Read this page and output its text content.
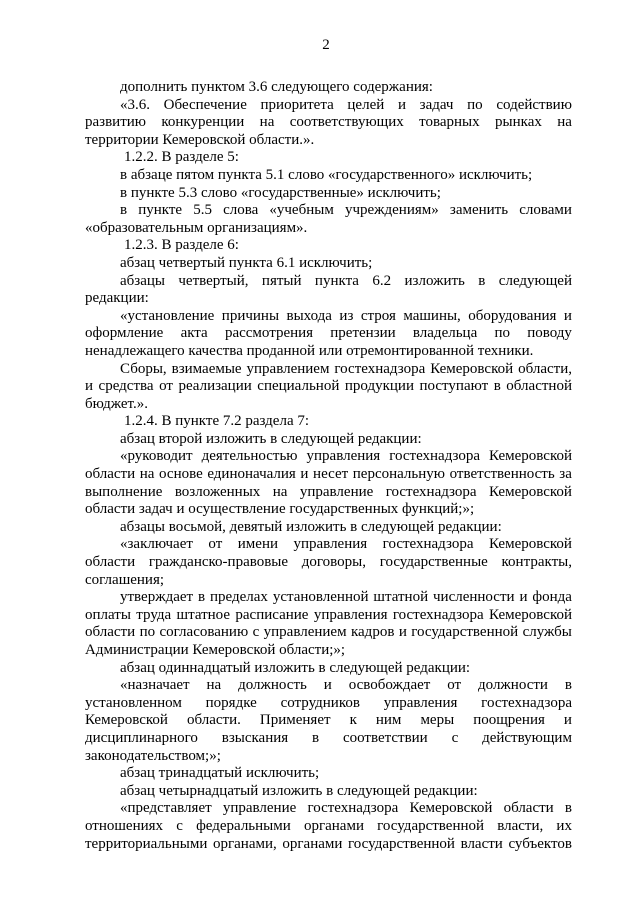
2
дополнить пунктом 3.6 следующего содержания:
«3.6. Обеспечение приоритета целей и задач по содействию
развитию конкуренции на соответствующих товарных рынках на
территории Кемеровской области.».
1.2.2. В разделе 5:
в абзаце пятом пункта 5.1 слово «государственного» исключить;
в пункте 5.3 слово «государственные» исключить;
в пункте 5.5 слова «учебным учреждениям» заменить словами
«образовательным организациям».
1.2.3. В разделе 6:
абзац четвертый пункта 6.1 исключить;
абзацы четвертый, пятый пункта 6.2 изложить в следующей
редакции:
«установление причины выхода из строя машины, оборудования и
оформление акта рассмотрения претензии владельца по поводу
ненадлежащего качества проданной или отремонтированной техники.
Сборы, взимаемые управлением гостехнадзора Кемеровской области,
и средства от реализации специальной продукции поступают в областной
бюджет.».
1.2.4. В пункте 7.2 раздела 7:
абзац второй изложить в следующей редакции:
«руководит деятельностью управления гостехнадзора Кемеровской
области на основе единоначалия и несет персональную ответственность за
выполнение возложенных на управление гостехнадзора Кемеровской
области задач и осуществление государственных функций;»;
абзацы восьмой, девятый изложить в следующей редакции:
«заключает от имени управления гостехнадзора Кемеровской
области гражданско-правовые договоры, государственные контракты,
соглашения;
утверждает в пределах установленной штатной численности и фонда
оплаты труда штатное расписание управления гостехнадзора Кемеровской
области по согласованию с управлением кадров и государственной службы
Администрации Кемеровской области;»;
абзац одиннадцатый изложить в следующей редакции:
«назначает на должность и освобождает от должности в
установленном порядке сотрудников управления гостехнадзора
Кемеровской области. Применяет к ним меры поощрения и
дисциплинарного взыскания в соответствии с действующим
законодательством;»;
абзац тринадцатый исключить;
абзац четырнадцатый изложить в следующей редакции:
«представляет управление гостехнадзора Кемеровской области в
отношениях с федеральными органами государственной власти, их
территориальными органами, органами государственной власти субъектов
